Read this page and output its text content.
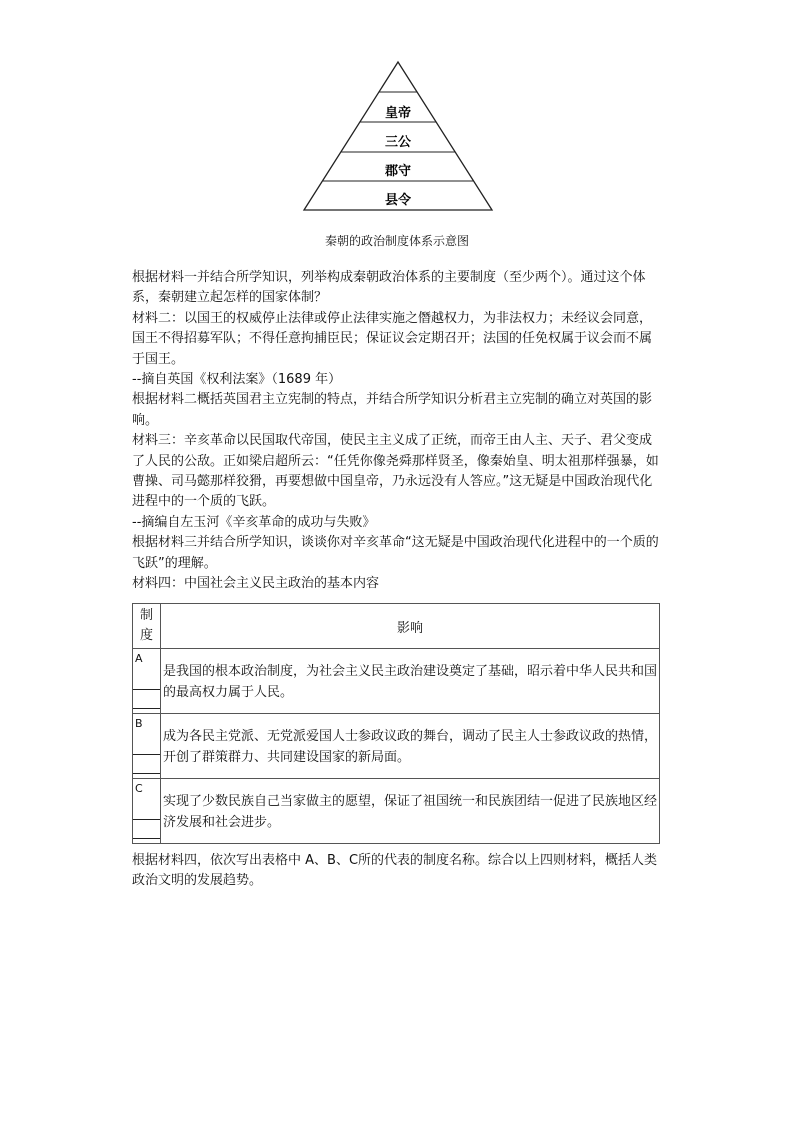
皇帝
三公
郡守
县令
秦朝的政治制度体系示意图

根据材料一并结合所学知识，列举构成秦朝政治体系的主要制度（至少两个）。通过这个体系，秦朝建立起怎样的国家体制？

材料二：以国王的权威停止法律或停止法律实施之僭越权力，为非法权力；未经议会同意，国王不得招募军队；不得任意拘捕臣民；保证议会定期召开；法国的任免权属于议会而不属于国王。

--摘自英国《权利法案》（1689 年）

根据材料二概括英国君主立宪制的特点，并结合所学知识分析君主立宪制的确立对英国的影响。

材料三：辛亥革命以民国取代帝国，使民主主义成了正统，而帝王由人主、天子、君父变成了人民的公敌。正如梁启超所云：“任凭你像尧舜那样贤圣，像秦始皇、明太祖那样强暴，如曹操、司马懿那样狡猾，再要想做中国皇帝，乃永远没有人答应。”这无疑是中国政治现代化进程中的一个质的飞跃。

--摘编自左玉河《辛亥革命的成功与失败》

根据材料三并结合所学知识，谈谈你对辛亥革命“这无疑是中国政治现代化进程中的一个质的飞跃”的理解。

材料四：中国社会主义民主政治的基本内容

制
度	影响

A	是我国的根本政治制度，为社会主义民主政治建设奠定了基础，昭示着中华人民共和国的最高权力属于人民。

B	成为各民主党派、无党派爱国人士参政议政的舞台，调动了民主人士参政议政的热情，开创了群策群力、共同建设国家的新局面。

C	实现了少数民族自己当家做主的愿望，保证了祖国统一和民族团结一促进了民族地区经济发展和社会进步。

根据材料四，依次写出表格中 A、B、C所的代表的制度名称。综合以上四则材料，概括人类政治文明的发展趋势。
